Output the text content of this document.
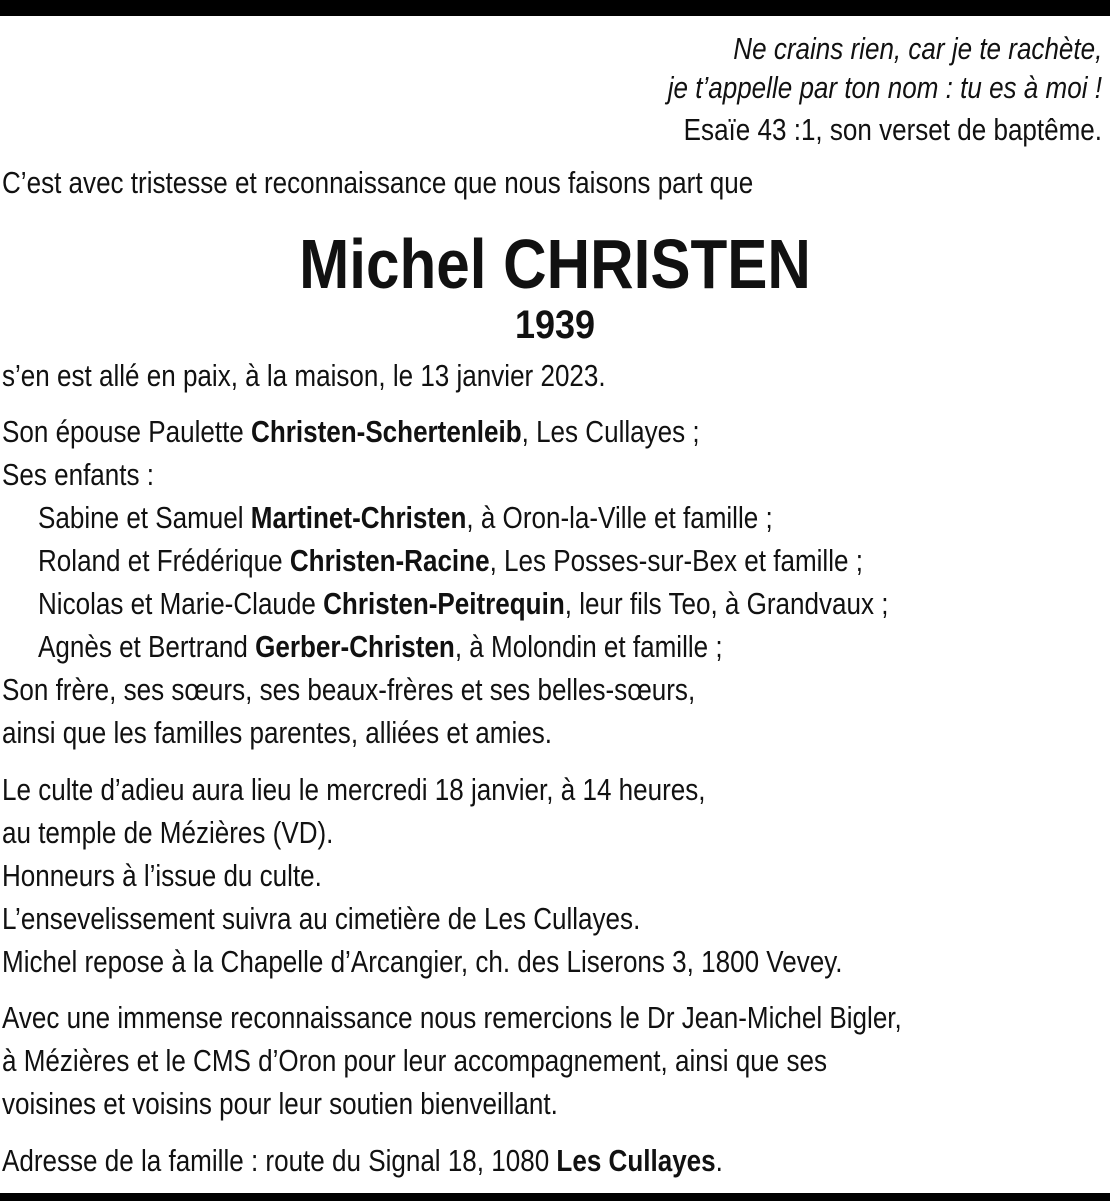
Ne crains rien, car je te rachète,
je t’appelle par ton nom : tu es à moi !
Esaïe 43 :1, son verset de baptême.
C’est avec tristesse et reconnaissance que nous faisons part que
Michel CHRISTEN
1939
s’en est allé en paix, à la maison, le 13 janvier 2023.
Son épouse Paulette Christen-Schertenleib, Les Cullayes ;
Ses enfants :
Sabine et Samuel Martinet-Christen, à Oron-la-Ville et famille ;
Roland et Frédérique Christen-Racine, Les Posses-sur-Bex et famille ;
Nicolas et Marie-Claude Christen-Peitrequin, leur fils Teo, à Grandvaux ;
Agnès et Bertrand Gerber-Christen, à Molondin et famille ;
Son frère, ses sœurs, ses beaux-frères et ses belles-sœurs,
ainsi que les familles parentes, alliées et amies.
Le culte d’adieu aura lieu le mercredi 18 janvier, à 14 heures,
au temple de Mézières (VD).
Honneurs à l’issue du culte.
L’ensevelissement suivra au cimetière de Les Cullayes.
Michel repose à la Chapelle d’Arcangier, ch. des Liserons 3, 1800 Vevey.
Avec une immense reconnaissance nous remercions le Dr Jean-Michel Bigler,
à Mézières et le CMS d’Oron pour leur accompagnement, ainsi que ses
voisines et voisins pour leur soutien bienveillant.
Adresse de la famille : route du Signal 18, 1080 Les Cullayes.
